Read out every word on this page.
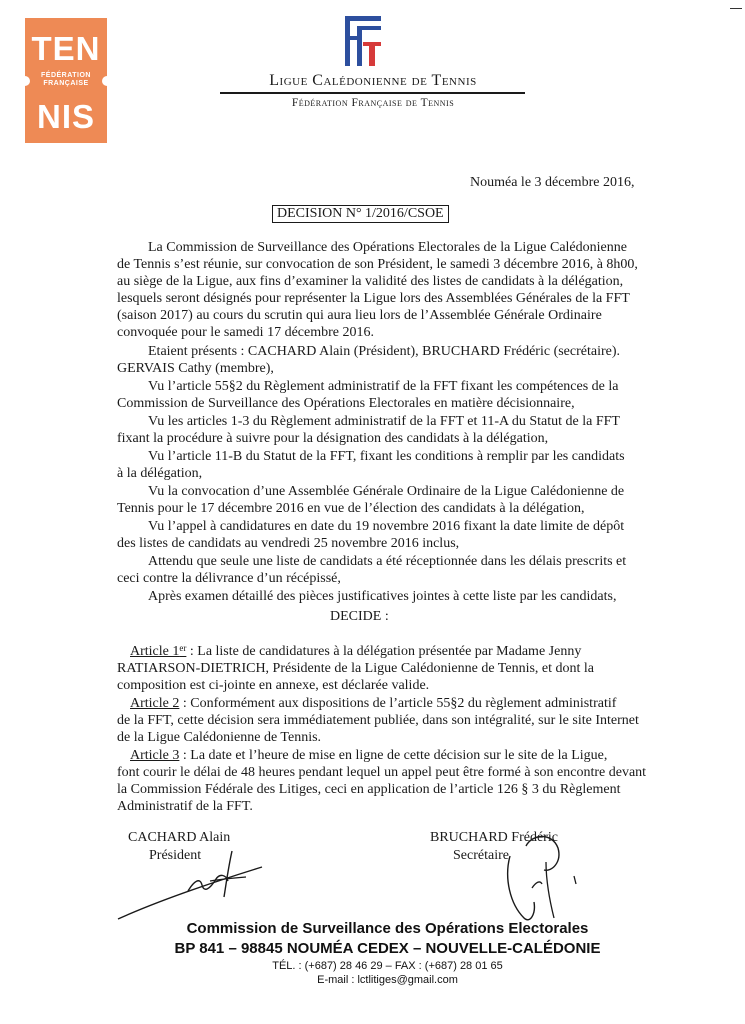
TEN
FÉDÉRATION
FRANÇAISE
NIS
Ligue Calédonienne de Tennis
Fédération Française de Tennis
Nouméa le 3 décembre 2016,
DECISION N° 1/2016/CSOE
La Commission de Surveillance des Opérations Electorales de la Ligue Calédonienne
de Tennis s’est réunie, sur convocation de son Président, le samedi 3 décembre 2016, à 8h00,
au siège de la Ligue, aux fins d’examiner la validité des listes de candidats à la délégation,
lesquels seront désignés pour représenter la Ligue lors des Assemblées Générales de la FFT
(saison 2017) au cours du scrutin qui aura lieu lors de l’Assemblée Générale Ordinaire
convoquée pour le samedi 17 décembre 2016.
Etaient présents : CACHARD Alain (Président), BRUCHARD Frédéric (secrétaire).
GERVAIS Cathy (membre),
Vu l’article 55§2 du Règlement administratif de la FFT fixant les compétences de la
Commission de Surveillance des Opérations Electorales en matière décisionnaire,
Vu les articles 1-3 du Règlement administratif de la FFT et 11-A du Statut de la FFT
fixant la procédure à suivre pour la désignation des candidats à la délégation,
Vu l’article 11-B du Statut de la FFT, fixant les conditions à remplir par les candidats
à la délégation,
Vu la convocation d’une Assemblée Générale Ordinaire de la Ligue Calédonienne de
Tennis pour le 17 décembre 2016 en vue de l’élection des candidats à la délégation,
Vu l’appel à candidatures en date du 19 novembre 2016 fixant la date limite de dépôt
des listes de candidats au vendredi 25 novembre 2016 inclus,
Attendu que seule une liste de candidats a été réceptionnée dans les délais prescrits et
ceci contre la délivrance d’un récépissé,
Après examen détaillé des pièces justificatives jointes à cette liste par les candidats,
DECIDE :
Article 1er : La liste de candidatures à la délégation présentée par Madame Jenny
RATIARSON-DIETRICH, Présidente de la Ligue Calédonienne de Tennis, et dont la
composition est ci-jointe en annexe, est déclarée valide.
Article 2 : Conformément aux dispositions de l’article 55§2 du règlement administratif
de la FFT, cette décision sera immédiatement publiée, dans son intégralité, sur le site Internet
de la Ligue Calédonienne de Tennis.
Article 3 : La date et l’heure de mise en ligne de cette décision sur le site de la Ligue,
font courir le délai de 48 heures pendant lequel un appel peut être formé à son encontre devant
la Commission Fédérale des Litiges, ceci en application de l’article 126 § 3 du Règlement
Administratif de la FFT.
CACHARD Alain
Président
BRUCHARD Frédéric
Secrétaire
Commission de Surveillance des Opérations Electorales
BP 841 – 98845 NOUMÉA CEDEX – NOUVELLE-CALÉDONIE
TÉL. : (+687) 28 46 29 – FAX : (+687) 28 01 65
E-mail : lctlitiges@gmail.com
